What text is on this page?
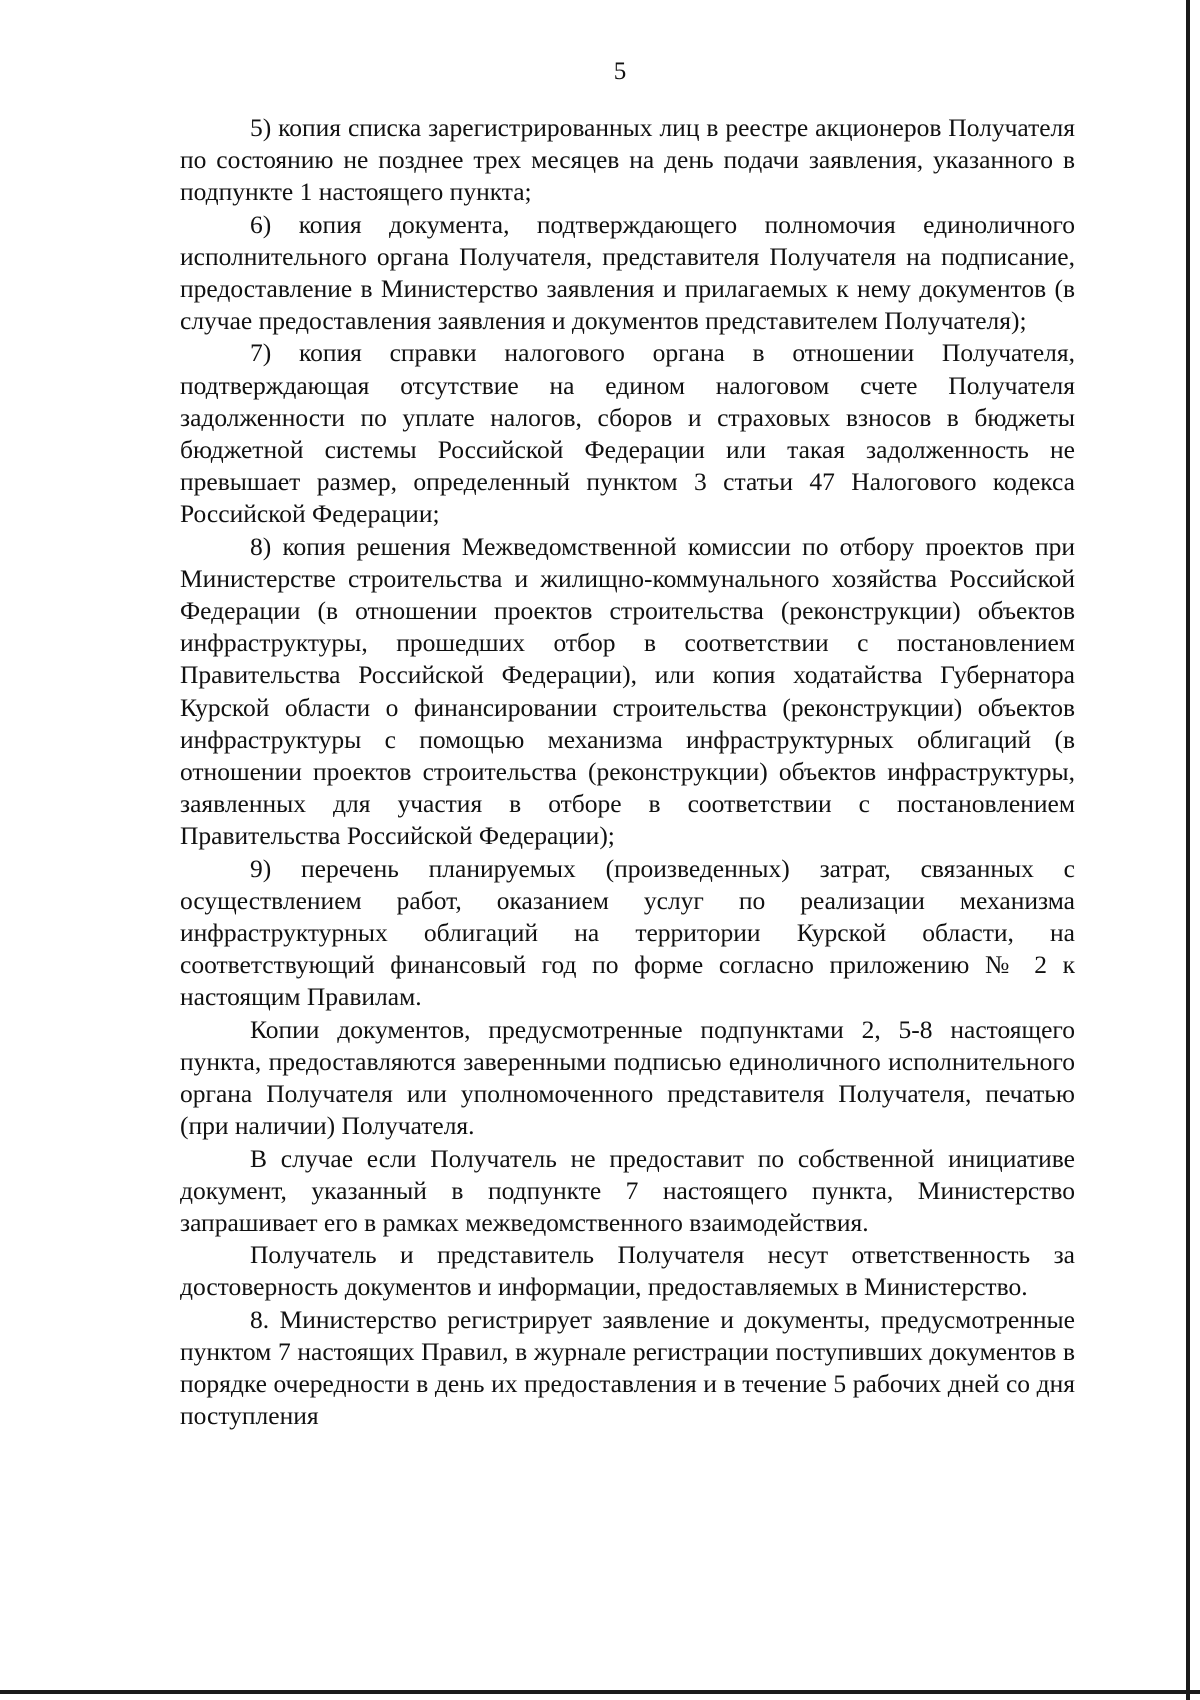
5

5) копия списка зарегистрированных лиц в реестре акционеров Получателя по состоянию не позднее трех месяцев на день подачи заявления, указанного в подпункте 1 настоящего пункта;

6) копия документа, подтверждающего полномочия единоличного исполнительного органа Получателя, представителя Получателя на подписание, предоставление в Министерство заявления и прилагаемых к нему документов (в случае предоставления заявления и документов представителем Получателя);

7) копия справки налогового органа в отношении Получателя, подтверждающая отсутствие на едином налоговом счете Получателя задолженности по уплате налогов, сборов и страховых взносов в бюджеты бюджетной системы Российской Федерации или такая задолженность не превышает размер, определенный пунктом 3 статьи 47 Налогового кодекса Российской Федерации;

8) копия решения Межведомственной комиссии по отбору проектов при Министерстве строительства и жилищно-коммунального хозяйства Российской Федерации (в отношении проектов строительства (реконструкции) объектов инфраструктуры, прошедших отбор в соответствии с постановлением Правительства Российской Федерации), или копия ходатайства Губернатора Курской области о финансировании строительства (реконструкции) объектов инфраструктуры с помощью механизма инфраструктурных облигаций (в отношении проектов строительства (реконструкции) объектов инфраструктуры, заявленных для участия в отборе в соответствии с постановлением Правительства Российской Федерации);

9) перечень планируемых (произведенных) затрат, связанных с осуществлением работ, оказанием услуг по реализации механизма инфраструктурных облигаций на территории Курской области, на соответствующий финансовый год по форме согласно приложению № 2 к настоящим Правилам.

Копии документов, предусмотренные подпунктами 2, 5-8 настоящего пункта, предоставляются заверенными подписью единоличного исполнительного органа Получателя или уполномоченного представителя Получателя, печатью (при наличии) Получателя.

В случае если Получатель не предоставит по собственной инициативе документ, указанный в подпункте 7 настоящего пункта, Министерство запрашивает его в рамках межведомственного взаимодействия.

Получатель и представитель Получателя несут ответственность за достоверность документов и информации, предоставляемых в Министерство.

8. Министерство регистрирует заявление и документы, предусмотренные пунктом 7 настоящих Правил, в журнале регистрации поступивших документов в порядке очередности в день их предоставления и в течение 5 рабочих дней со дня поступления
